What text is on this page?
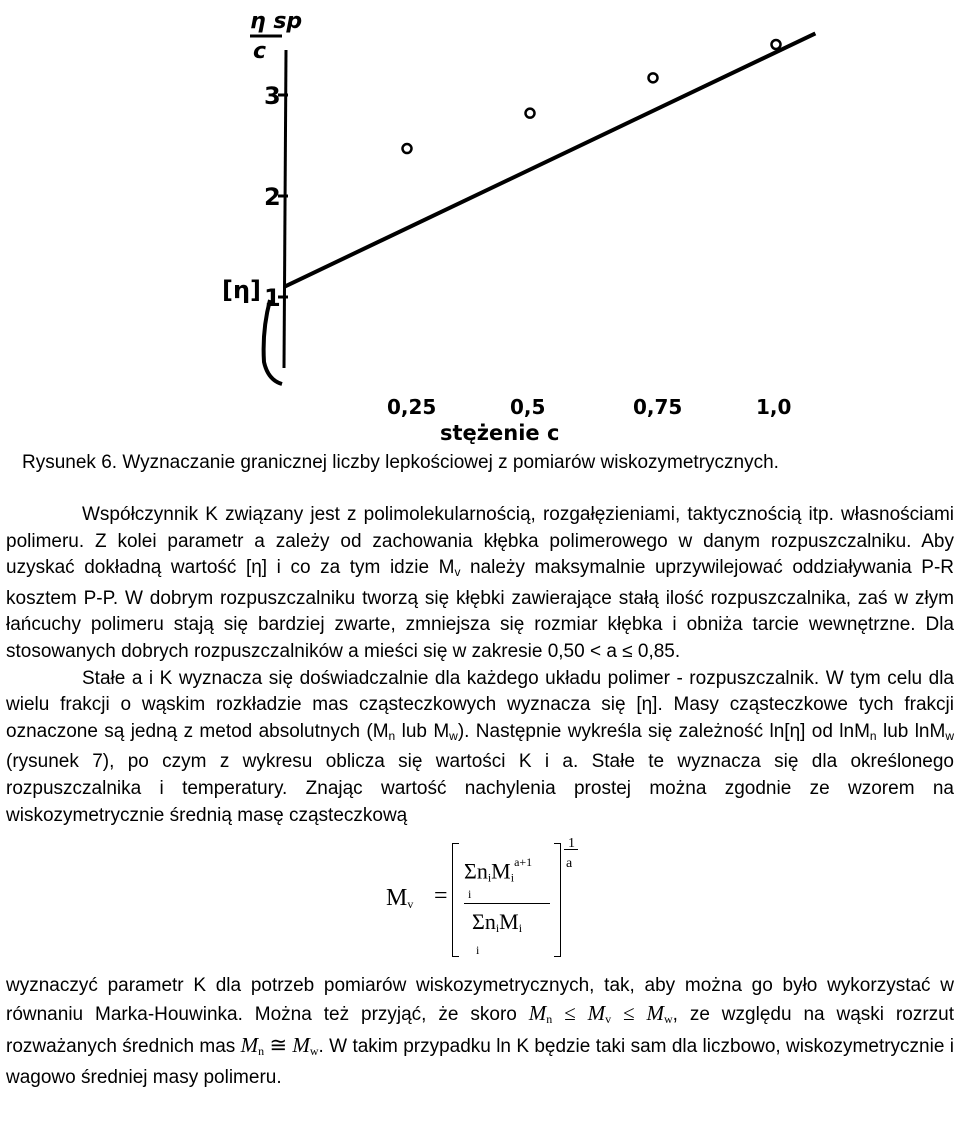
η sp
c
3
2
1
[η]
0,25	0,5	0,75	1,0
stężenie c
Rysunek 6. Wyznaczanie granicznej liczby lepkościowej z pomiarów wiskozymetrycznych.

Współczynnik K związany jest z polimolekularnością, rozgałęzieniami, taktycznością itp. własnościami polimeru. Z kolei parametr a zależy od zachowania kłębka polimerowego w danym rozpuszczalniku. Aby uzyskać dokładną wartość [η] i co za tym idzie $M_v$ należy maksymalnie uprzywilejować oddziaływania P-R kosztem P-P. W dobrym rozpuszczalniku tworzą się kłębki zawierające stałą ilość rozpuszczalnika, zaś w złym łańcuchy polimeru stają się bardziej zwarte, zmniejsza się rozmiar kłębka i obniża tarcie wewnętrzne. Dla stosowanych dobrych rozpuszczalników a mieści się w zakresie 0,50 < a ≤ 0,85.

Stałe a i K wyznacza się doświadczalnie dla każdego układu polimer - rozpuszczalnik. W tym celu dla wielu frakcji o wąskim rozkładzie mas cząsteczkowych wyznacza się [η]. Masy cząsteczkowe tych frakcji oznaczone są jedną z metod absolutnych ($M_n$ lub $M_w$). Następnie wykreśla się zależność ln[η] od lnM$_n$ lub lnM$_w$ (rysunek 7), po czym z wykresu oblicza się wartości K i a. Stałe te wyznacza się dla określonego rozpuszczalnika i temperatury. Znając wartość nachylenia prostej można zgodnie ze wzorem na wiskozymetrycznie średnią masę cząsteczkową

$M_v$ =
$\Sigma n_iM_i^{a+1}$
i
$\Sigma n_iM_i$
i
1
a

wyznaczyć parametr K dla potrzeb pomiarów wiskozymetrycznych, tak, aby można go było wykorzystać w równaniu Marka-Houwinka. Można też przyjąć, że skoro $M_n \le M_v \le M_w$, ze względu na wąski rozrzut rozważanych średnich mas $M_n$ ≅ $M_w$. W takim przypadku ln K będzie taki sam dla liczbowo, wiskozymetrycznie i wagowo średniej masy polimeru.
